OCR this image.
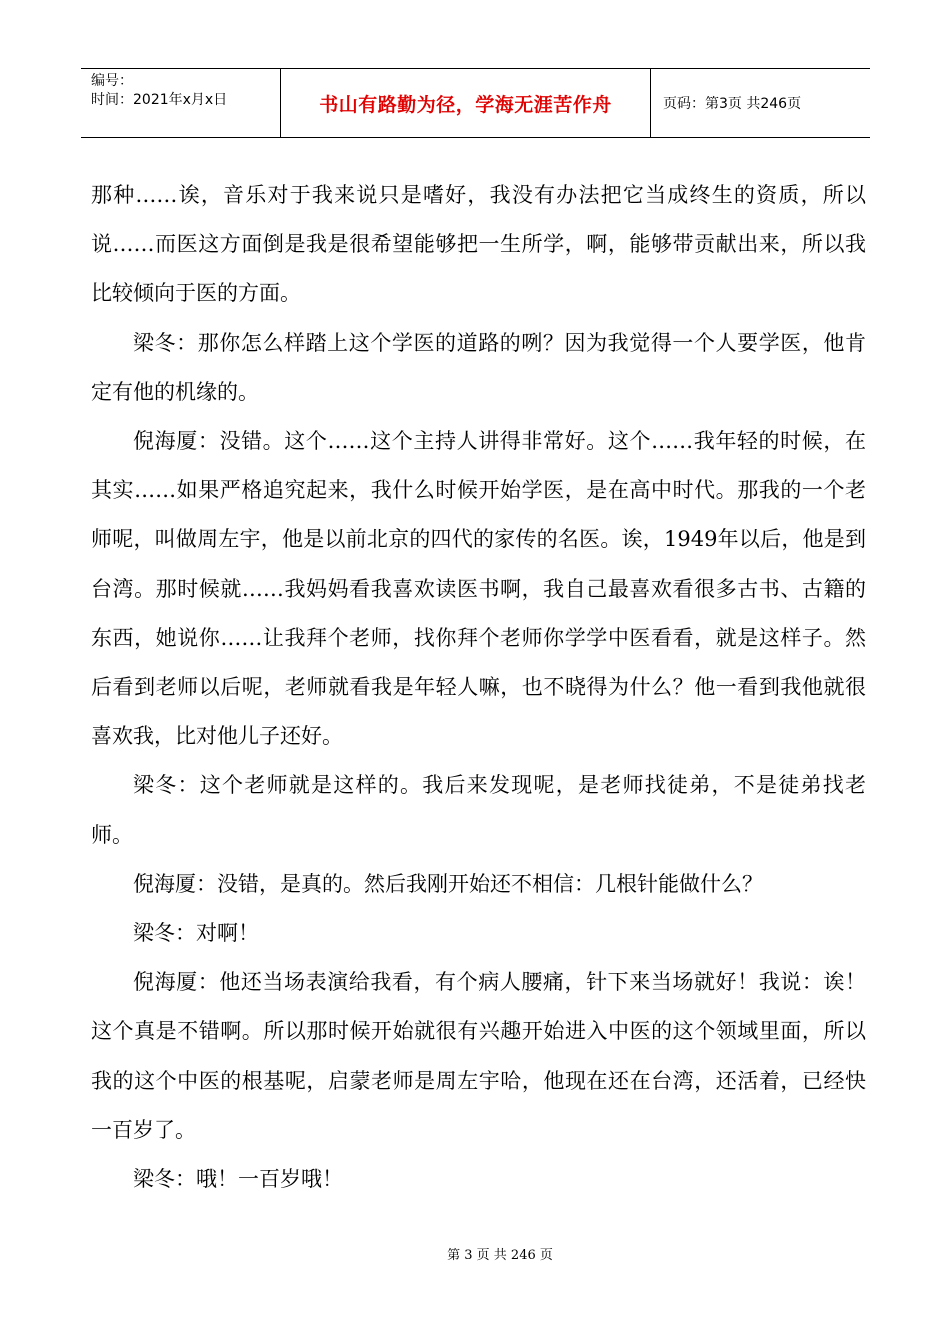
编号：
时间：2021年x月x日	书山有路勤为径，学海无涯苦作舟	页码：第3页 共246页

那种……诶，音乐对于我来说只是嗜好，我没有办法把它当成终生的资质，所以说……而医这方面倒是我是很希望能够把一生所学，啊，能够带贡献出来，所以我比较倾向于医的方面。

梁冬：那你怎么样踏上这个学医的道路的咧？因为我觉得一个人要学医，他肯定有他的机缘的。

倪海厦：没错。这个……这个主持人讲得非常好。这个……我年轻的时候，在其实……如果严格追究起来，我什么时候开始学医，是在高中时代。那我的一个老师呢，叫做周左宇，他是以前北京的四代的家传的名医。诶，1949年以后，他是到台湾。那时候就……我妈妈看我喜欢读医书啊，我自己最喜欢看很多古书、古籍的东西，她说你……让我拜个老师，找你拜个老师你学学中医看看，就是这样子。然后看到老师以后呢，老师就看我是年轻人嘛，也不晓得为什么？他一看到我他就很喜欢我，比对他儿子还好。

梁冬：这个老师就是这样的。我后来发现呢，是老师找徒弟，不是徒弟找老师。

倪海厦：没错，是真的。然后我刚开始还不相信：几根针能做什么？

梁冬：对啊！

倪海厦：他还当场表演给我看，有个病人腰痛，针下来当场就好！我说：诶！这个真是不错啊。所以那时候开始就很有兴趣开始进入中医的这个领域里面，所以我的这个中医的根基呢，启蒙老师是周左宇哈，他现在还在台湾，还活着，已经快一百岁了。

梁冬：哦！一百岁哦！

第 3 页 共 246 页
